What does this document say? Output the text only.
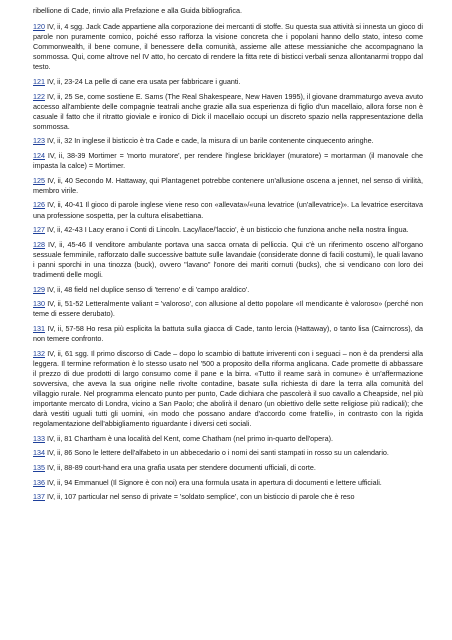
ribellione di Cade, rinvio alla Prefazione e alla Guida bibliografica.

120 IV, ii, 4 sgg. Jack Cade appartiene alla corporazione dei mercanti di stoffe. Su questa sua attività si innesta un gioco di parole non puramente comico, poiché esso rafforza la visione concreta che i popolani hanno dello stato, inteso come Commonwealth, il bene comune, il benessere della comunità, assieme alle attese messianiche che accompagnano la sommossa. Qui, come altrove nel IV atto, ho cercato di rendere la fitta rete di bisticci verbali senza allontanarmi troppo dal testo.

121 IV, ii, 23-24 La pelle di cane era usata per fabbricare i guanti.

122 IV, ii, 25 Se, come sostiene E. Sams (The Real Shakespeare, New Haven 1995), il giovane drammaturgo aveva avuto accesso all'ambiente delle compagnie teatrali anche grazie alla sua esperienza di figlio d'un macellaio, allora forse non è casuale il fatto che il ritratto gioviale e ironico di Dick il macellaio occupi un discreto spazio nella rappresentazione della sommossa.

123 IV, ii, 32 In inglese il bisticcio è tra Cade e cade, la misura di un barile contenente cinquecento aringhe.

124 IV, ii, 38-39 Mortimer = 'morto muratore', per rendere l'inglese bricklayer (muratore) = mortarman (il manovale che impasta la calce) = Mortimer.

125 IV, ii, 40 Secondo M. Hattaway, qui Plantagenet potrebbe contenere un'allusione oscena a jennet, nel senso di virilità, membro virile.

126 IV, ii, 40-41 Il gioco di parole inglese viene reso con «allevata»/«una levatrice (un'allevatrice)». La levatrice esercitava una professione sospetta, per la cultura elisabettiana.

127 IV, ii, 42-43 I Lacy erano i Conti di Lincoln. Lacy/lace/'laccio', è un bisticcio che funziona anche nella nostra lingua.

128 IV, ii, 45-46 Il venditore ambulante portava una sacca ornata di pelliccia. Qui c'è un riferimento osceno all'organo sessuale femminile, rafforzato dalle successive battute sulle lavandaie (considerate donne di facili costumi), le quali lavano i panni sporchi in una tinozza (buck), ovvero "lavano" l'onore dei mariti cornuti (bucks), che si vendicano con loro dei tradimenti delle mogli.

129 IV, ii, 48 field nel duplice senso di 'terreno' e di 'campo araldico'.

130 IV, ii, 51-52 Letteralmente valiant = 'valoroso', con allusione al detto popolare «Il mendicante è valoroso» (perché non teme di essere derubato).

131 IV, ii, 57-58 Ho resa più esplicita la battuta sulla giacca di Cade, tanto lercia (Hattaway), o tanto lisa (Cairncross), da non temere confronto.

132 IV, ii, 61 sgg. Il primo discorso di Cade – dopo lo scambio di battute irriverenti con i seguaci – non è da prendersi alla leggera. Il termine reformation è lo stesso usato nel '500 a proposito della riforma anglicana. Cade promette di abbassare il prezzo di due prodotti di largo consumo come il pane e la birra. «Tutto il reame sarà in comune» è un'affermazione sovversiva, che aveva la sua origine nelle rivolte contadine, basate sulla richiesta di dare la terra alla comunità del villaggio rurale. Nel programma elencato punto per punto, Cade dichiara che pascolerà il suo cavallo a Cheapside, nel più importante mercato di Londra, vicino a San Paolo; che abolirà il denaro (un obiettivo delle sette religiose più radicali); che darà vestiti uguali tutti gli uomini, «in modo che possano andare d'accordo come fratelli», in contrasto con la rigida regolamentazione dell'abbigliamento riguardante i diversi ceti sociali.

133 IV, ii, 81 Chartham è una località del Kent, come Chatham (nel primo in-quarto dell'opera).

134 IV, ii, 86 Sono le lettere dell'alfabeto in un abbecedario o i nomi dei santi stampati in rosso su un calendario.

135 IV, ii, 88-89 court-hand era una grafia usata per stendere documenti ufficiali, di corte.

136 IV, ii, 94 Emmanuel (Il Signore è con noi) era una formula usata in apertura di documenti e lettere ufficiali.

137 IV, ii, 107 particular nel senso di private = 'soldato semplice', con un bisticcio di parole che è reso
